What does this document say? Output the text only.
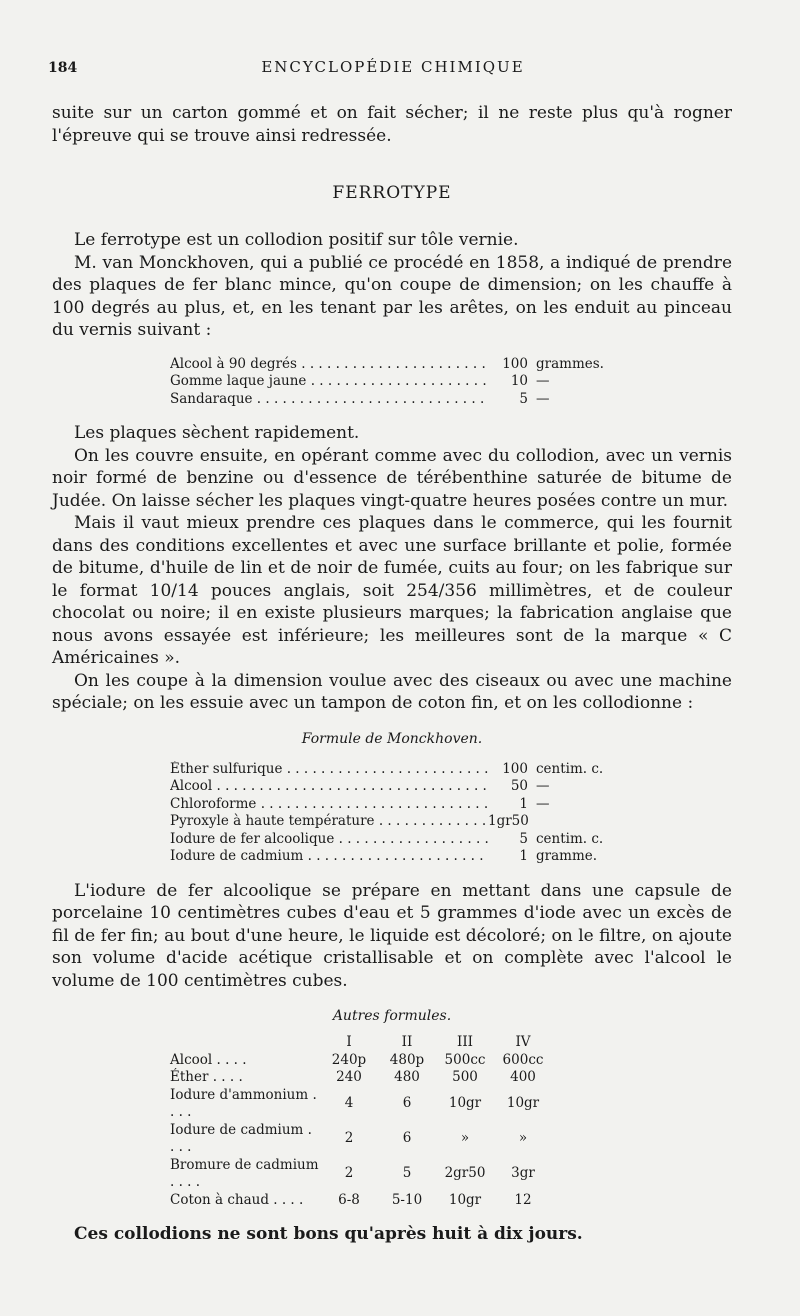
184	ENCYCLOPÉDIE CHIMIQUE

suite sur un carton gommé et on fait sécher; il ne reste plus qu'à rogner l'épreuve qui se trouve ainsi redressée.

FERROTYPE

Le ferrotype est un collodion positif sur tôle vernie.

M. van Monckhoven, qui a publié ce procédé en 1858, a indiqué de prendre des plaques de fer blanc mince, qu'on coupe de dimension; on les chauffe à 100 degrés au plus, et, en les tenant par les arêtes, on les enduit au pinceau du vernis suivant :

Alcool à 90 degrés . . .	100 grammes.
Gomme laque jaune . . .	10 —
Sandaraque . . .	5 —

Les plaques sèchent rapidement.

On les couvre ensuite, en opérant comme avec du collodion, avec un vernis noir formé de benzine ou d'essence de térébenthine saturée de bitume de Judée. On laisse sécher les plaques vingt-quatre heures posées contre un mur.

Mais il vaut mieux prendre ces plaques dans le commerce, qui les fournit dans des conditions excellentes et avec une surface brillante et polie, formée de bitume, d'huile de lin et de noir de fumée, cuits au four; on les fabrique sur le format 10/14 pouces anglais, soit 254/356 millimètres, et de couleur chocolat ou noire; il en existe plusieurs marques; la fabrication anglaise que nous avons essayée est inférieure; les meilleures sont de la marque « C Américaines ».

On les coupe à la dimension voulue avec des ciseaux ou avec une machine spéciale; on les essuie avec un tampon de coton fin, et on les collodionne :

Formule de Monckhoven.
Éther sulfurique . . .	100 centim. c.
Alcool . . .	50 —
Chloroforme . . .	1 —
Pyroxyle à haute température . . .	1gr50
Iodure de fer alcoolique . . .	5 centim. c.
Iodure de cadmium . . .	1 gramme.

L'iodure de fer alcoolique se prépare en mettant dans une capsule de porcelaine 10 centimètres cubes d'eau et 5 grammes d'iode avec un excès de fil de fer fin; au bout d'une heure, le liquide est décoloré; on le filtre, on ajoute son volume d'acide acétique cristallisable et on complète avec l'alcool le volume de 100 centimètres cubes.

Autres formules.
	I	II	III	IV
Alcool . . . .	240p	480p	500cc	600cc
Éther . . . .	240	480	500	400
Iodure d'ammonium . . . .	4	6	10gr	10gr
Iodure de cadmium . . . .	2	6	»	»
Bromure de cadmium . . . .	2	5	2gr50	3gr
Coton à chaud . . . .	6-8	5-10	10gr	12

Ces collodions ne sont bons qu'après huit à dix jours.
